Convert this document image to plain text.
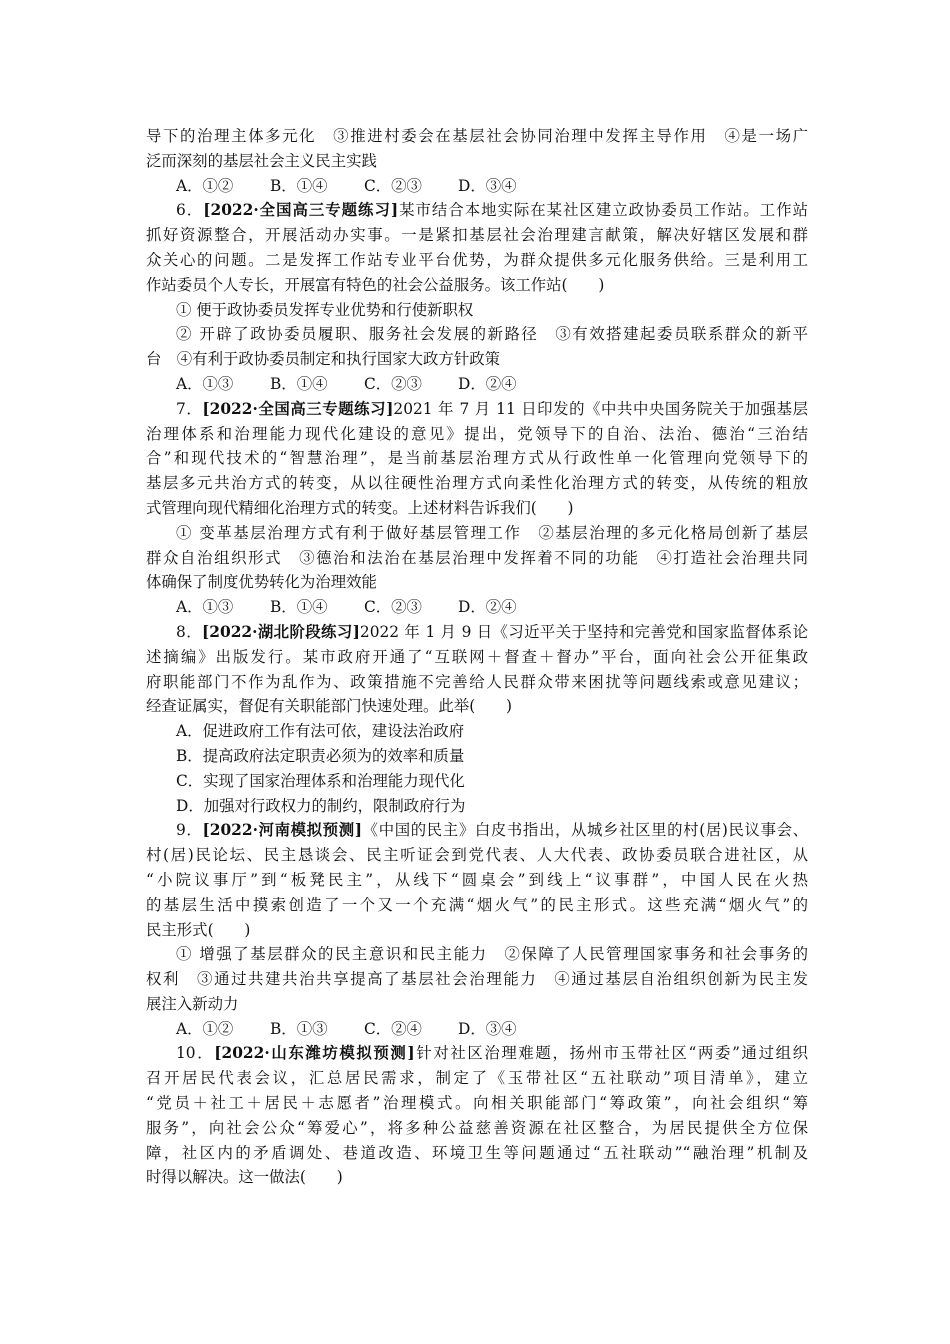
导下的治理主体多元化　③推进村委会在基层社会协同治理中发挥主导作用　④是一场广
泛而深刻的基层社会主义民主实践
A．①②	B．①④	C．②③	D．③④
6．[2022·全国高三专题练习]某市结合本地实际在某社区建立政协委员工作站。工作站
抓好资源整合，开展活动办实事。一是紧扣基层社会治理建言献策，解决好辖区发展和群
众关心的问题。二是发挥工作站专业平台优势，为群众提供多元化服务供给。三是利用工
作站委员个人专长，开展富有特色的社会公益服务。该工作站(　　)
① 便于政协委员发挥专业优势和行使新职权
② 开辟了政协委员履职、服务社会发展的新路径　③有效搭建起委员联系群众的新平
台　④有利于政协委员制定和执行国家大政方针政策
A．①③	B．①④	C．②③	D．②④
7．[2022·全国高三专题练习]2021 年 7 月 11 日印发的《中共中央国务院关于加强基层
治理体系和治理能力现代化建设的意见》提出，党领导下的自治、法治、德治“三治结
合”和现代技术的“智慧治理”，是当前基层治理方式从行政性单一化管理向党领导下的
基层多元共治方式的转变，从以往硬性治理方式向柔性化治理方式的转变，从传统的粗放
式管理向现代精细化治理方式的转变。上述材料告诉我们(　　)
① 变革基层治理方式有利于做好基层管理工作　②基层治理的多元化格局创新了基层
群众自治组织形式　③德治和法治在基层治理中发挥着不同的功能　④打造社会治理共同
体确保了制度优势转化为治理效能
A．①③	B．①④	C．②③	D．②④
8．[2022·湖北阶段练习]2022 年 1 月 9 日《习近平关于坚持和完善党和国家监督体系论
述摘编》出版发行。某市政府开通了“互联网＋督查＋督办”平台，面向社会公开征集政
府职能部门不作为乱作为、政策措施不完善给人民群众带来困扰等问题线索或意见建议；
经查证属实，督促有关职能部门快速处理。此举(　　)
A．促进政府工作有法可依，建设法治政府
B．提高政府法定职责必须为的效率和质量
C．实现了国家治理体系和治理能力现代化
D．加强对行政权力的制约，限制政府行为
9．[2022·河南模拟预测]《中国的民主》白皮书指出，从城乡社区里的村(居)民议事会、
村(居)民论坛、民主恳谈会、民主听证会到党代表、人大代表、政协委员联合进社区，从
“小院议事厅”到“板凳民主”，从线下“圆桌会”到线上“议事群”，中国人民在火热
的基层生活中摸索创造了一个又一个充满“烟火气”的民主形式。这些充满“烟火气”的
民主形式(　　)
① 增强了基层群众的民主意识和民主能力　②保障了人民管理国家事务和社会事务的
权利　③通过共建共治共享提高了基层社会治理能力　④通过基层自治组织创新为民主发
展注入新动力
A．①②	B．①③	C．②④	D．③④
10．[2022·山东潍坊模拟预测]针对社区治理难题，扬州市玉带社区“两委”通过组织
召开居民代表会议，汇总居民需求，制定了《玉带社区“五社联动”项目清单》，建立
“党员＋社工＋居民＋志愿者”治理模式。向相关职能部门“筹政策”，向社会组织“筹
服务”，向社会公众“筹爱心”，将多种公益慈善资源在社区整合，为居民提供全方位保
障，社区内的矛盾调处、巷道改造、环境卫生等问题通过“五社联动”“融治理”机制及
时得以解决。这一做法(　　)
